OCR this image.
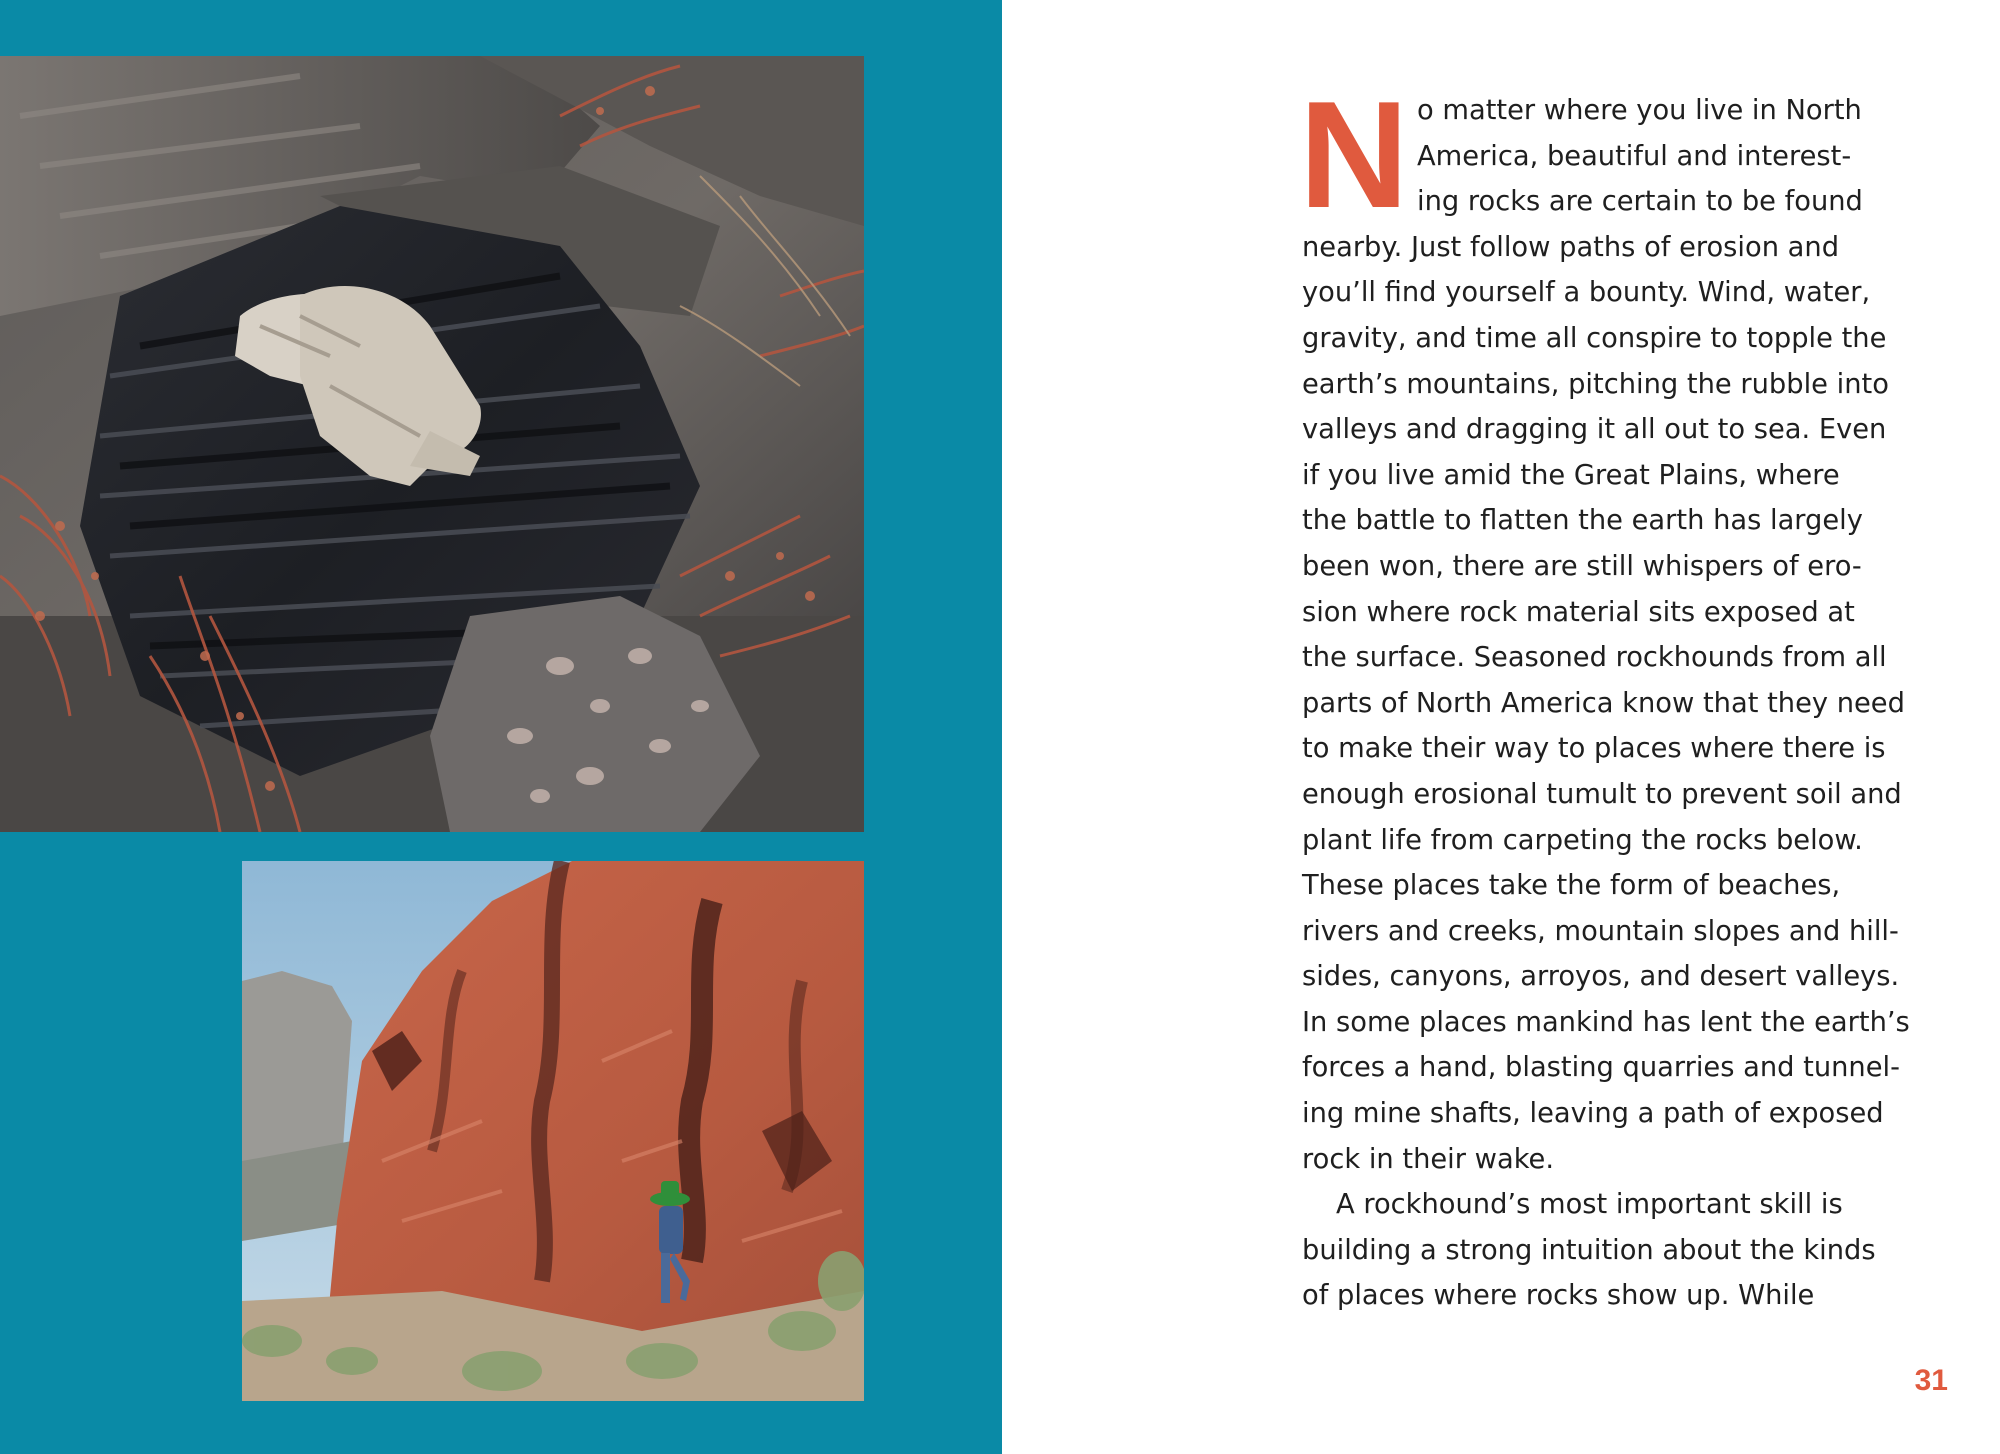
N o matter where you live in North
America, beautiful and interest-
ing rocks are certain to be found
nearby. Just follow paths of erosion and
you’ll find yourself a bounty. Wind, water,
gravity, and time all conspire to topple the
earth’s mountains, pitching the rubble into
valleys and dragging it all out to sea. Even
if you live amid the Great Plains, where
the battle to flatten the earth has largely
been won, there are still whispers of ero-
sion where rock material sits exposed at
the surface. Seasoned rockhounds from all
parts of North America know that they need
to make their way to places where there is
enough erosional tumult to prevent soil and
plant life from carpeting the rocks below.
These places take the form of beaches,
rivers and creeks, mountain slopes and hill-
sides, canyons, arroyos, and desert valleys.
In some places mankind has lent the earth’s
forces a hand, blasting quarries and tunnel-
ing mine shafts, leaving a path of exposed
rock in their wake.
A rockhound’s most important skill is
building a strong intuition about the kinds
of places where rocks show up. While
31
